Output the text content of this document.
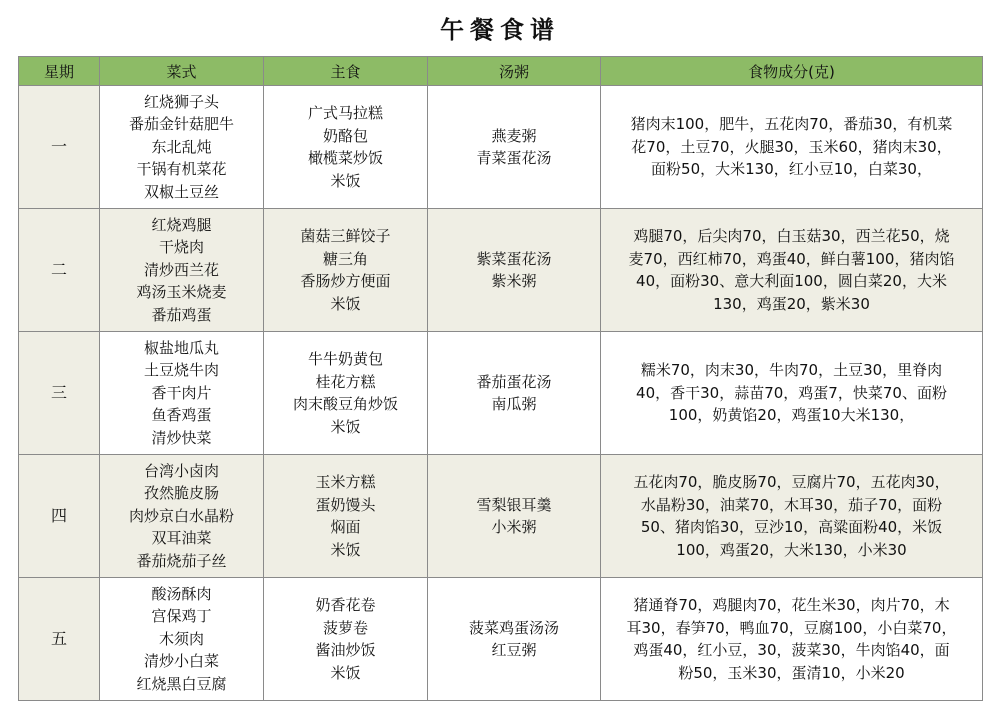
午餐食谱
星期	菜式	主食	汤粥	食物成分(克)
一	红烧狮子头
番茄金针菇肥牛
东北乱炖
干锅有机菜花
双椒土豆丝	广式马拉糕
奶酪包
橄榄菜炒饭
米饭	燕麦粥
青菜蛋花汤	猪肉末100，肥牛，五花肉70，番茄30，有机菜
花70，土豆70，火腿30，玉米60，猪肉末30，
面粉50，大米130，红小豆10，白菜30，

二	红烧鸡腿
干烧肉
清炒西兰花
鸡汤玉米烧麦
番茄鸡蛋	菌菇三鲜饺子
糖三角
香肠炒方便面
米饭	紫菜蛋花汤
紫米粥	鸡腿70，后尖肉70，白玉菇30，西兰花50，烧
麦70，西红柿70，鸡蛋40，鲜白薯100，猪肉馅
40，面粉30、意大利面100，圆白菜20，大米
130，鸡蛋20，紫米30

三	椒盐地瓜丸
土豆烧牛肉
香干肉片
鱼香鸡蛋
清炒快菜	牛牛奶黄包
桂花方糕
肉末酸豆角炒饭
米饭	番茄蛋花汤
南瓜粥	糯米70，肉末30，牛肉70，土豆30，里脊肉
40，香干30，蒜苗70，鸡蛋7，快菜70、面粉
100，奶黄馅20，鸡蛋10大米130，

四	台湾小卤肉
孜然脆皮肠
肉炒京白水晶粉
双耳油菜
番茄烧茄子丝	玉米方糕
蛋奶馒头
焖面
米饭	雪梨银耳羹
小米粥	五花肉70，脆皮肠70，豆腐片70，五花肉30，
水晶粉30，油菜70，木耳30，茄子70，面粉
50、猪肉馅30，豆沙10，高粱面粉40，米饭
100，鸡蛋20，大米130，小米30

五	酸汤酥肉
宫保鸡丁
木须肉
清炒小白菜
红烧黑白豆腐	奶香花卷
菠萝卷
酱油炒饭
米饭	菠菜鸡蛋汤汤
红豆粥	猪通脊70，鸡腿肉70，花生米30，肉片70，木
耳30，春笋70，鸭血70，豆腐100，小白菜70，
鸡蛋40，红小豆，30，菠菜30，牛肉馅40，面
粉50，玉米30，蛋清10，小米20
